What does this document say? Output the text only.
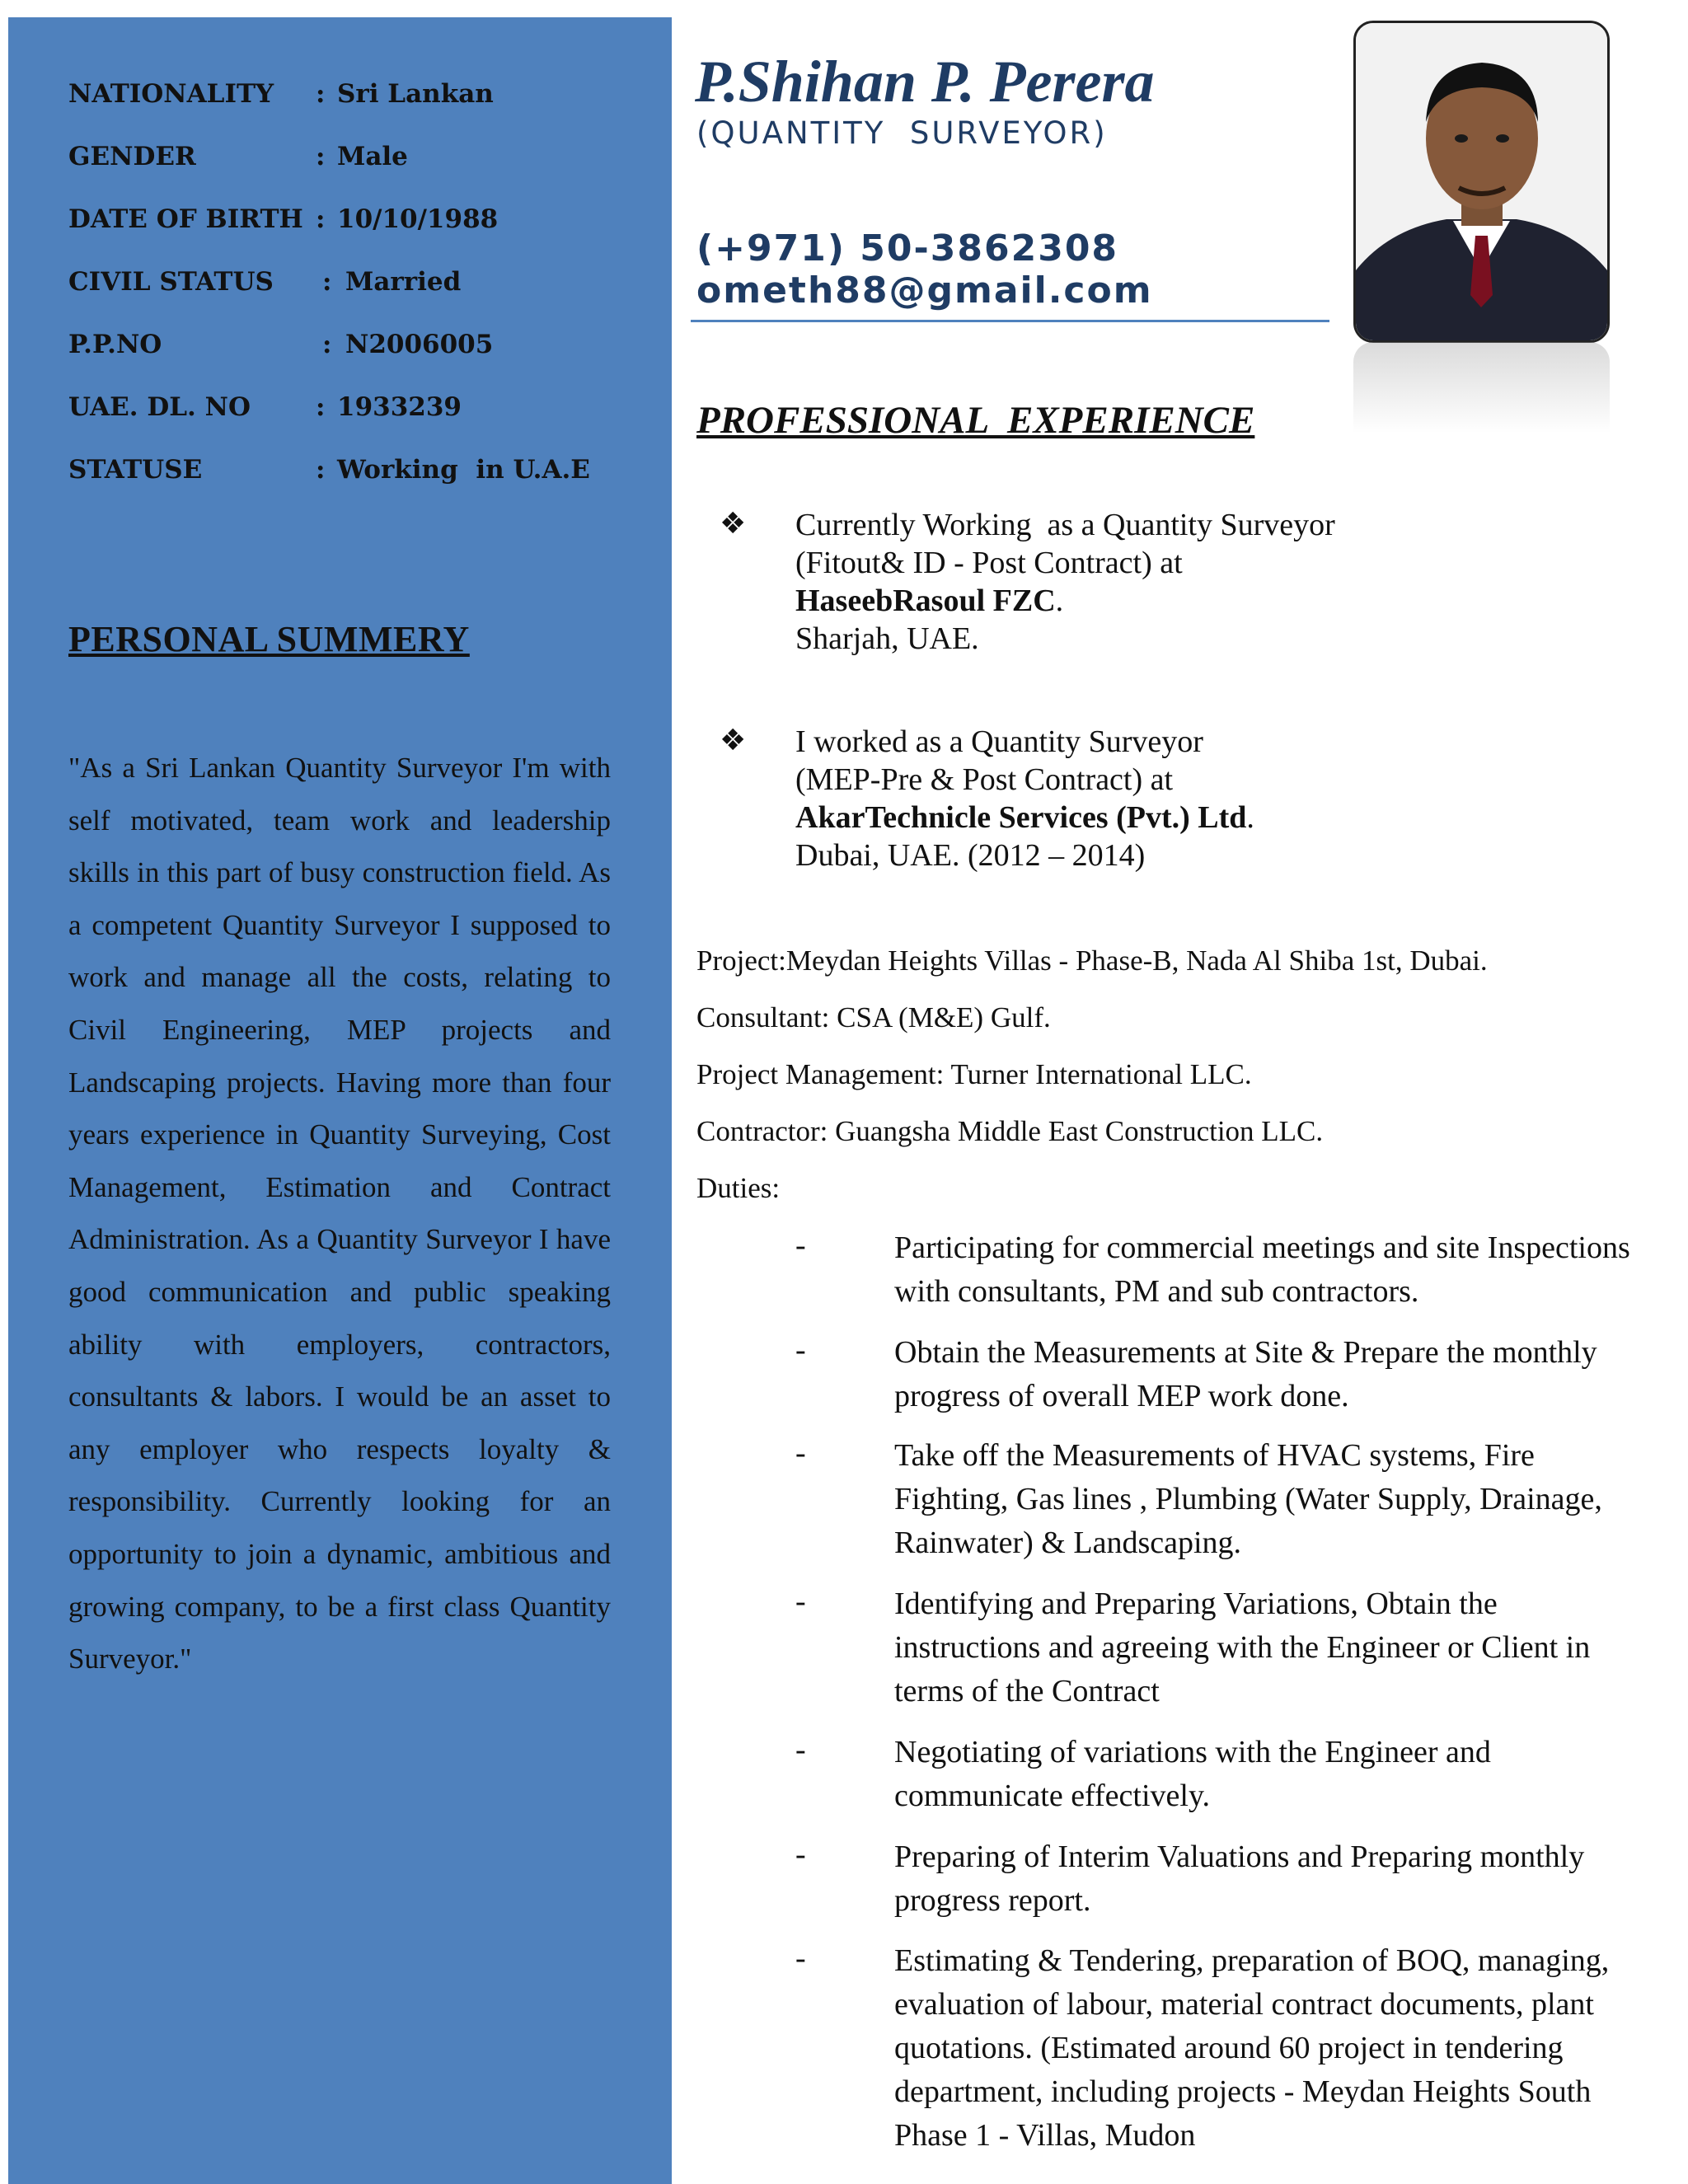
NATIONALITY : Sri Lankan
GENDER	: Male
DATE OF BIRTH : 10/10/1988
CIVIL STATUS : Married
P.P.NO	: N2006005
UAE. DL. NO	: 1933239
STATUSE	: Working  in U.A.E
PERSONAL SUMMERY
"As a Sri Lankan Quantity Surveyor I'm with self motivated, team work and leadership skills in this part of busy construction field. As a competent Quantity Surveyor I supposed to work and manage all the costs, relating to Civil Engineering, MEP projects and Landscaping projects. Having more than four years experience in Quantity Surveying, Cost Management, Estimation and Contract Administration. As a Quantity Surveyor I have good communication and public speaking ability with employers, contractors, consultants & labors. I would be an asset to any employer who respects loyalty & responsibility. Currently looking for an opportunity to join a dynamic, ambitious and growing company, to be a first class Quantity Surveyor."
P.Shihan P. Perera
(QUANTITY  SURVEYOR)
(+971) 50-3862308
ometh88@gmail.com
PROFESSIONAL  EXPERIENCE
❖ Currently Working  as a Quantity Surveyor
(Fitout& ID - Post Contract) at
HaseebRasoul FZC.
Sharjah, UAE.
❖ I worked as a Quantity Surveyor
(MEP-Pre & Post Contract) at
AkarTechnicle Services (Pvt.) Ltd.
Dubai, UAE. (2012 – 2014)
Project:Meydan Heights Villas - Phase-B, Nada Al Shiba 1st, Dubai.
Consultant: CSA (M&E) Gulf.
Project Management: Turner International LLC.
Contractor: Guangsha Middle East Construction LLC.
Duties:
-	Participating for commercial meetings and site Inspections with consultants, PM and sub contractors.
-	Obtain the Measurements at Site & Prepare the monthly progress of overall MEP work done.
-	Take off the Measurements of HVAC systems, Fire Fighting, Gas lines , Plumbing (Water Supply, Drainage, Rainwater) & Landscaping.
-	Identifying and Preparing Variations, Obtain the instructions and agreeing with the Engineer or Client in terms of the Contract
-	Negotiating of variations with the Engineer and communicate effectively.
-	Preparing of Interim Valuations and Preparing monthly progress report.
-	Estimating & Tendering, preparation of BOQ, managing, evaluation of labour, material contract documents, plant quotations. (Estimated around 60 project in tendering department, including projects - Meydan Heights South Phase 1 - Villas, Mudon
